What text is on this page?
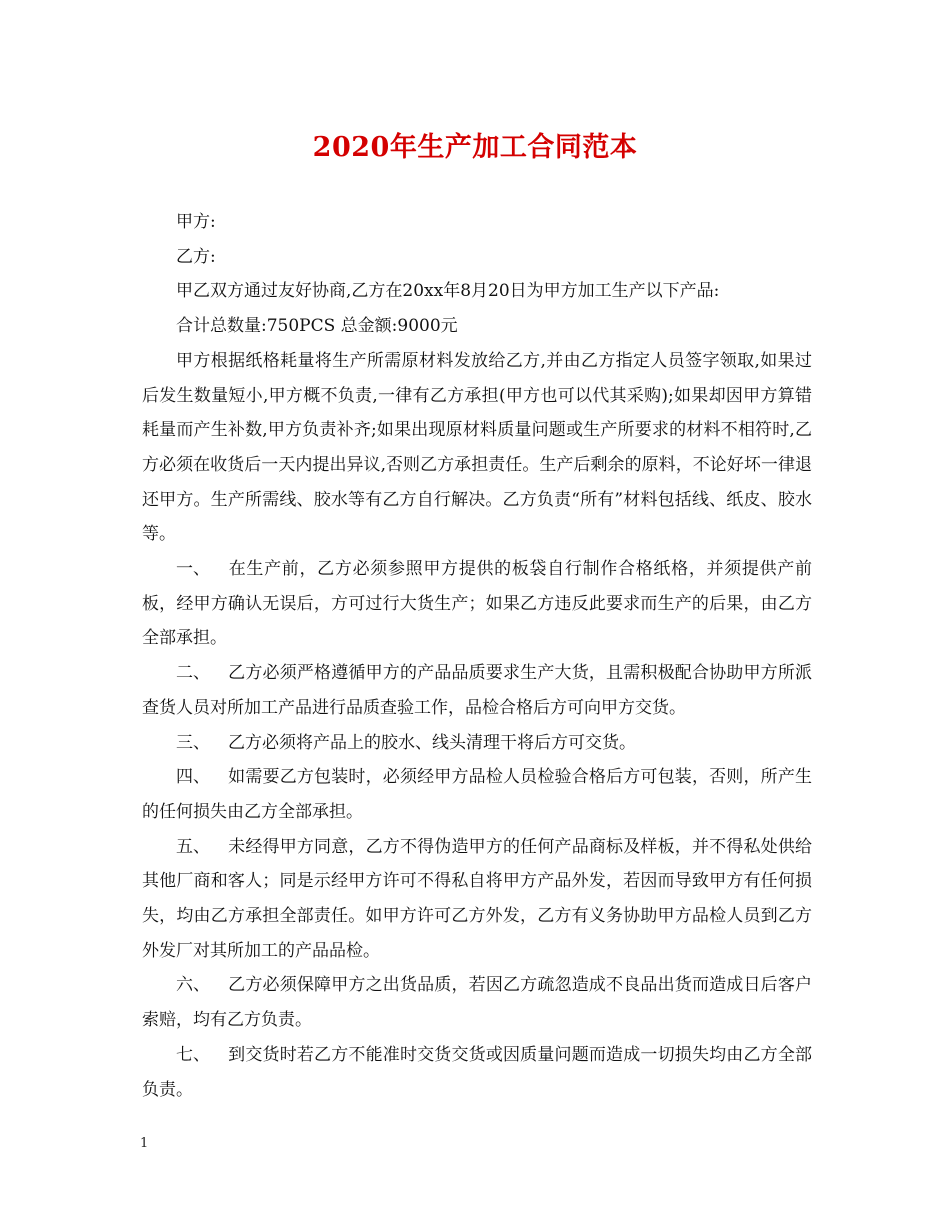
2020年生产加工合同范本

甲方:

乙方:

甲乙双方通过友好协商,乙方在20xx年8月20日为甲方加工生产以下产品:

合计总数量:750PCS 总金额:9000元

甲方根据纸格耗量将生产所需原材料发放给乙方,并由乙方指定人员签字领取,如果过后发生数量短小,甲方概不负责,一律有乙方承担(甲方也可以代其采购);如果却因甲方算错耗量而产生补数,甲方负责补齐;如果出现原材料质量问题或生产所要求的材料不相符时,乙方必须在收货后一天内提出异议,否则乙方承担责任。生产后剩余的原料，不论好坏一律退还甲方。生产所需线、胶水等有乙方自行解决。乙方负责“所有”材料包括线、纸皮、胶水等。

一、 在生产前，乙方必须参照甲方提供的板袋自行制作合格纸格，并须提供产前板，经甲方确认无误后，方可过行大货生产；如果乙方违反此要求而生产的后果，由乙方全部承担。

二、 乙方必须严格遵循甲方的产品品质要求生产大货，且需积极配合协助甲方所派查货人员对所加工产品进行品质查验工作，品检合格后方可向甲方交货。

三、 乙方必须将产品上的胶水、线头清理干将后方可交货。

四、 如需要乙方包装时，必须经甲方品检人员检验合格后方可包装，否则，所产生的任何损失由乙方全部承担。

五、 未经得甲方同意，乙方不得伪造甲方的任何产品商标及样板，并不得私处供给其他厂商和客人；同是示经甲方许可不得私自将甲方产品外发，若因而导致甲方有任何损失，均由乙方承担全部责任。如甲方许可乙方外发，乙方有义务协助甲方品检人员到乙方外发厂对其所加工的产品品检。

六、 乙方必须保障甲方之出货品质，若因乙方疏忽造成不良品出货而造成日后客户索赔，均有乙方负责。

七、 到交货时若乙方不能准时交货交货或因质量问题而造成一切损失均由乙方全部负责。

1
